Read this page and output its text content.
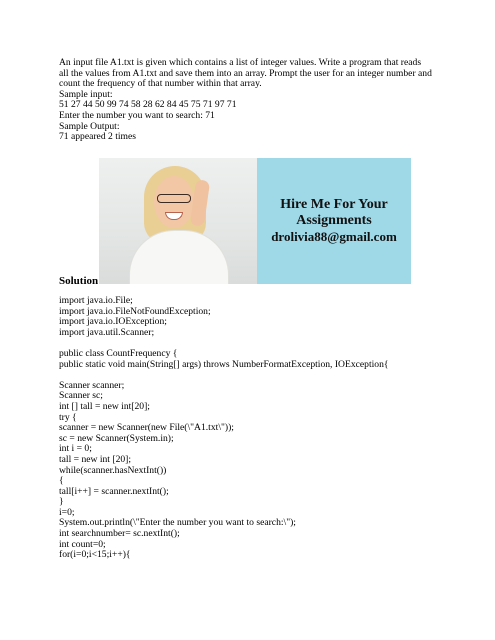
An input file A1.txt is given which contains a list of integer values. Write a program that reads
all the values from A1.txt and save them into an array. Prompt the user for an integer number and
count the frequency of that number within that array.
Sample input:
51 27 44 50 99 74 58 28 62 84 45 75 71 97 71
Enter the number you want to search: 71
Sample Output:
71 appeared 2 times
Hire Me For Your
Assignments
drolivia88@gmail.com
Solution
import java.io.File;
import java.io.FileNotFoundException;
import java.io.IOException;
import java.util.Scanner;
public class CountFrequency {
public static void main(String[] args) throws NumberFormatException, IOException{
Scanner scanner;
Scanner sc;
int [] tall = new int[20];
try {
scanner = new Scanner(new File(\"A1.txt\"));
sc = new Scanner(System.in);
int i = 0;
tall = new int [20];
while(scanner.hasNextInt())
{
tall[i++] = scanner.nextInt();
}
i=0;
System.out.println(\"Enter the number you want to search:\");
int searchnumber= sc.nextInt();
int count=0;
for(i=0;i<15;i++){
